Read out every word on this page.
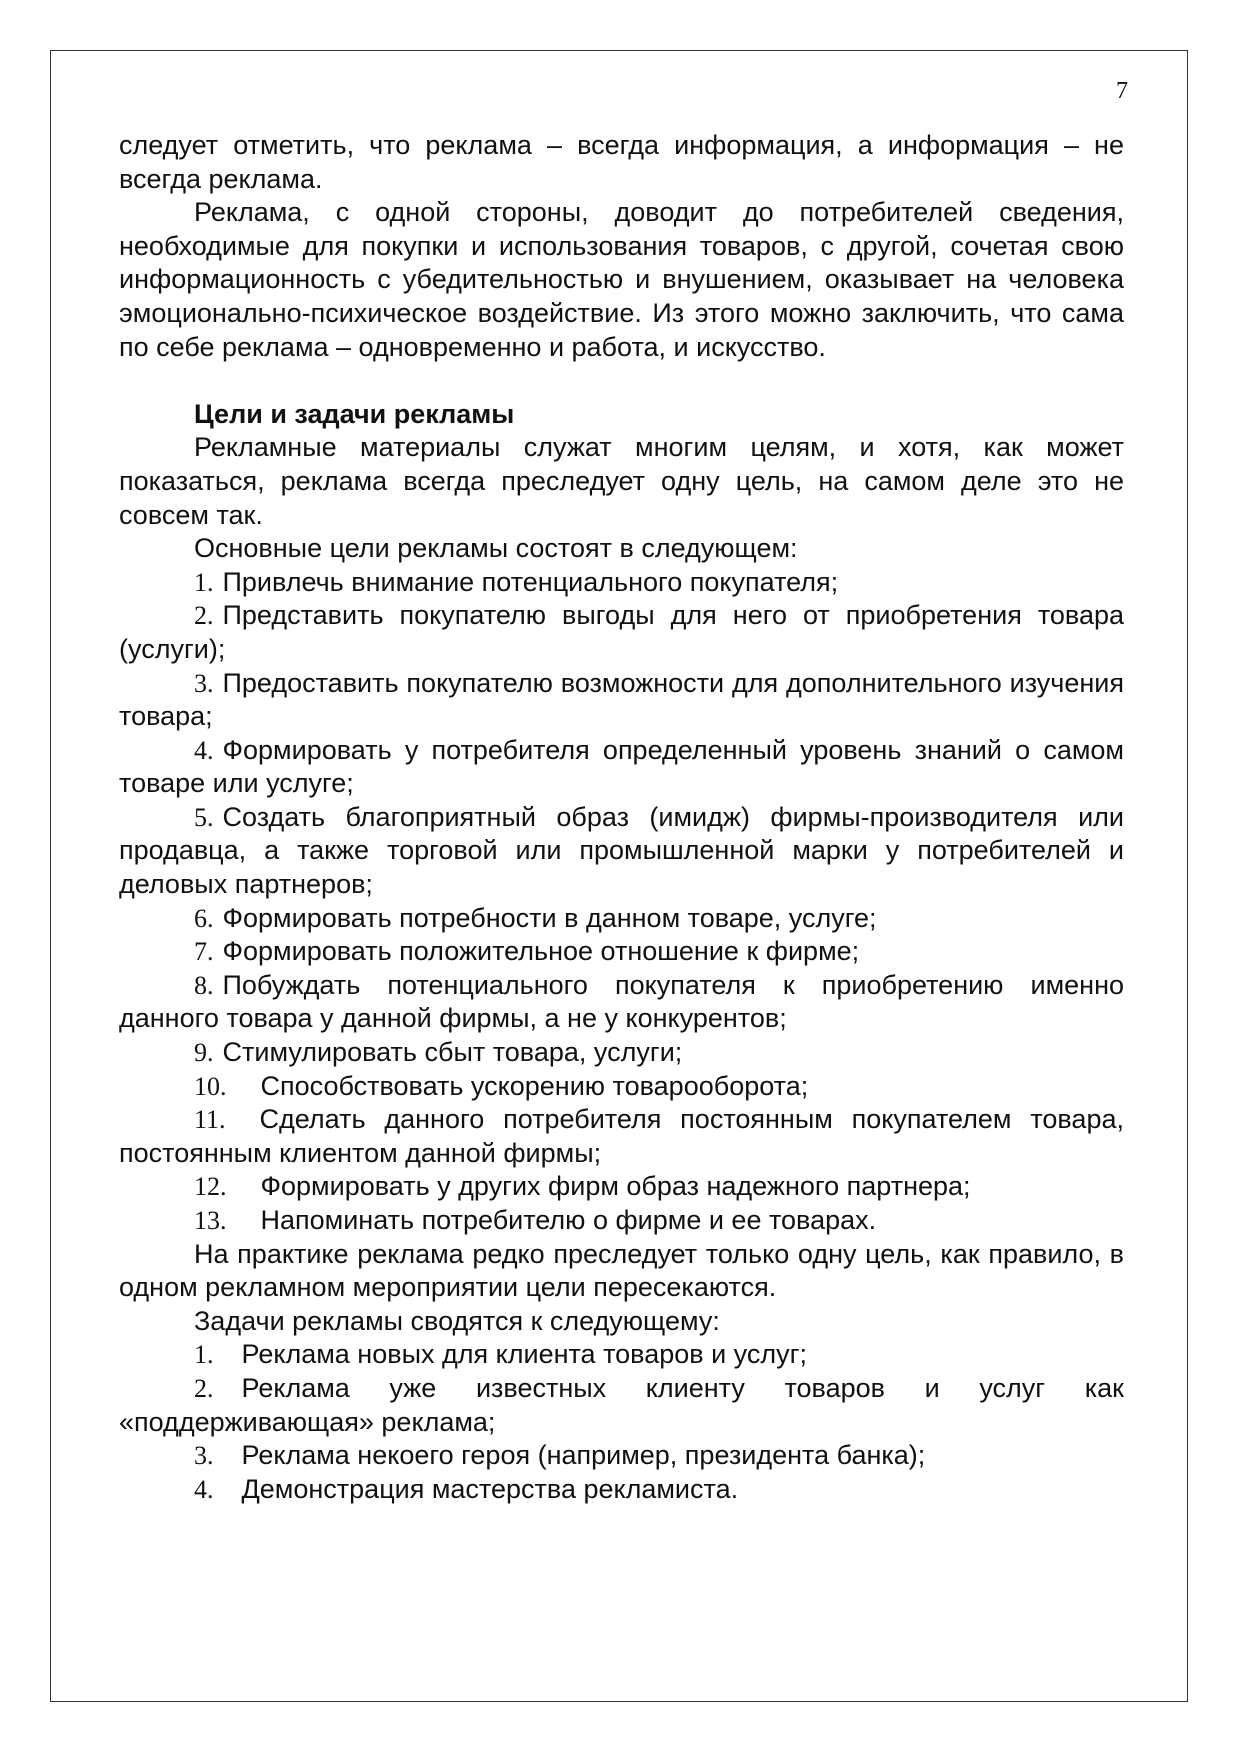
7

следует отметить, что реклама – всегда информация, а информация – не всегда реклама.

Реклама, с одной стороны, доводит до потребителей сведения, необходимые для покупки и использования товаров, с другой, сочетая свою информационность с убедительностью и внушением, оказывает на человека эмоционально-психическое воздействие. Из этого можно заключить, что сама по себе реклама – одновременно и работа, и искусство.

Цели и задачи рекламы

Рекламные материалы служат многим целям, и хотя, как может показаться, реклама всегда преследует одну цель, на самом деле это не совсем так.

Основные цели рекламы состоят в следующем:

1. Привлечь внимание потенциального покупателя;

2. Представить покупателю выгоды для него от приобретения товара (услуги);

3. Предоставить покупателю возможности для дополнительного изучения товара;

4. Формировать у потребителя определенный уровень знаний о самом товаре или услуге;

5. Создать благоприятный образ (имидж) фирмы-производителя или продавца, а также торговой или промышленной марки у потребителей и деловых партнеров;

6. Формировать потребности в данном товаре, услуге;

7. Формировать положительное отношение к фирме;

8. Побуждать потенциального покупателя к приобретению именно данного товара у данной фирмы, а не у конкурентов;

9. Стимулировать сбыт товара, услуги;

10. Способствовать ускорению товарооборота;

11. Сделать данного потребителя постоянным покупателем товара, постоянным клиентом данной фирмы;

12. Формировать у других фирм образ надежного партнера;

13. Напоминать потребителю о фирме и ее товарах.

На практике реклама редко преследует только одну цель, как правило, в одном рекламном мероприятии цели пересекаются.

Задачи рекламы сводятся к следующему:

1. Реклама новых для клиента товаров и услуг;

2. Реклама уже известных клиенту товаров и услуг как «поддерживающая» реклама;

3. Реклама некоего героя (например, президента банка);

4. Демонстрация мастерства рекламиста.
